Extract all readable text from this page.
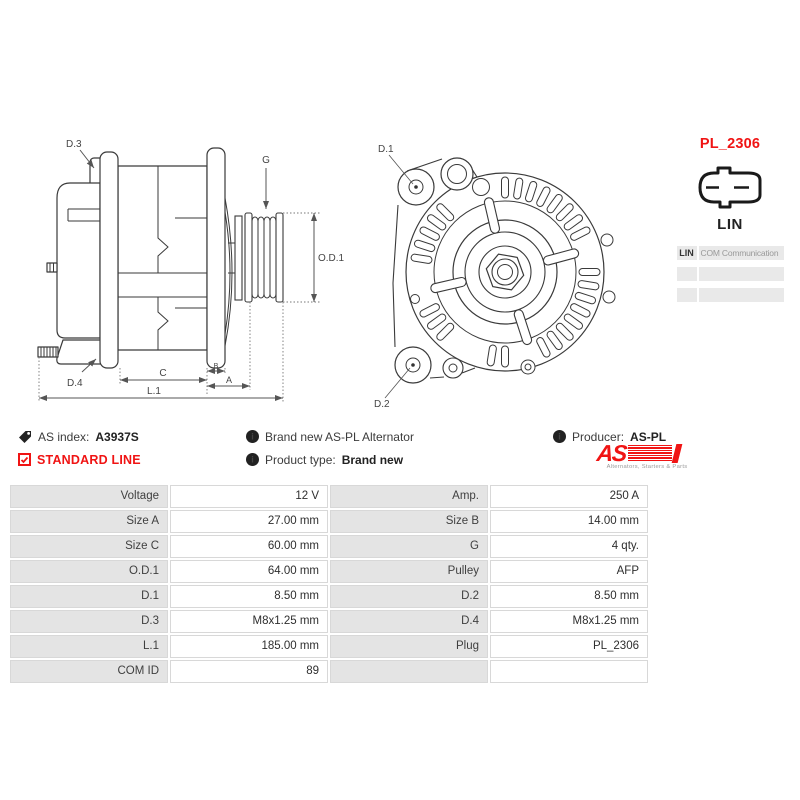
D.3
D.4
G
O.D.1
B
C
A
L.1
D.1
D.2
PL_2306
LIN
LIN COM Communication
AS index: A3937S
STANDARD LINE
i Brand new AS-PL Alternator
i Product type: Brand new
i Producer: AS-PL
AS
Alternators, Starters & Parts
Voltage	12 V	Amp.	250 A
Size A	27.00 mm	Size B	14.00 mm
Size C	60.00 mm	G	4 qty.
O.D.1	64.00 mm	Pulley	AFP
D.1	8.50 mm	D.2	8.50 mm
D.3	M8x1.25 mm	D.4	M8x1.25 mm
L.1	185.00 mm	Plug	PL_2306
COM ID	89		
